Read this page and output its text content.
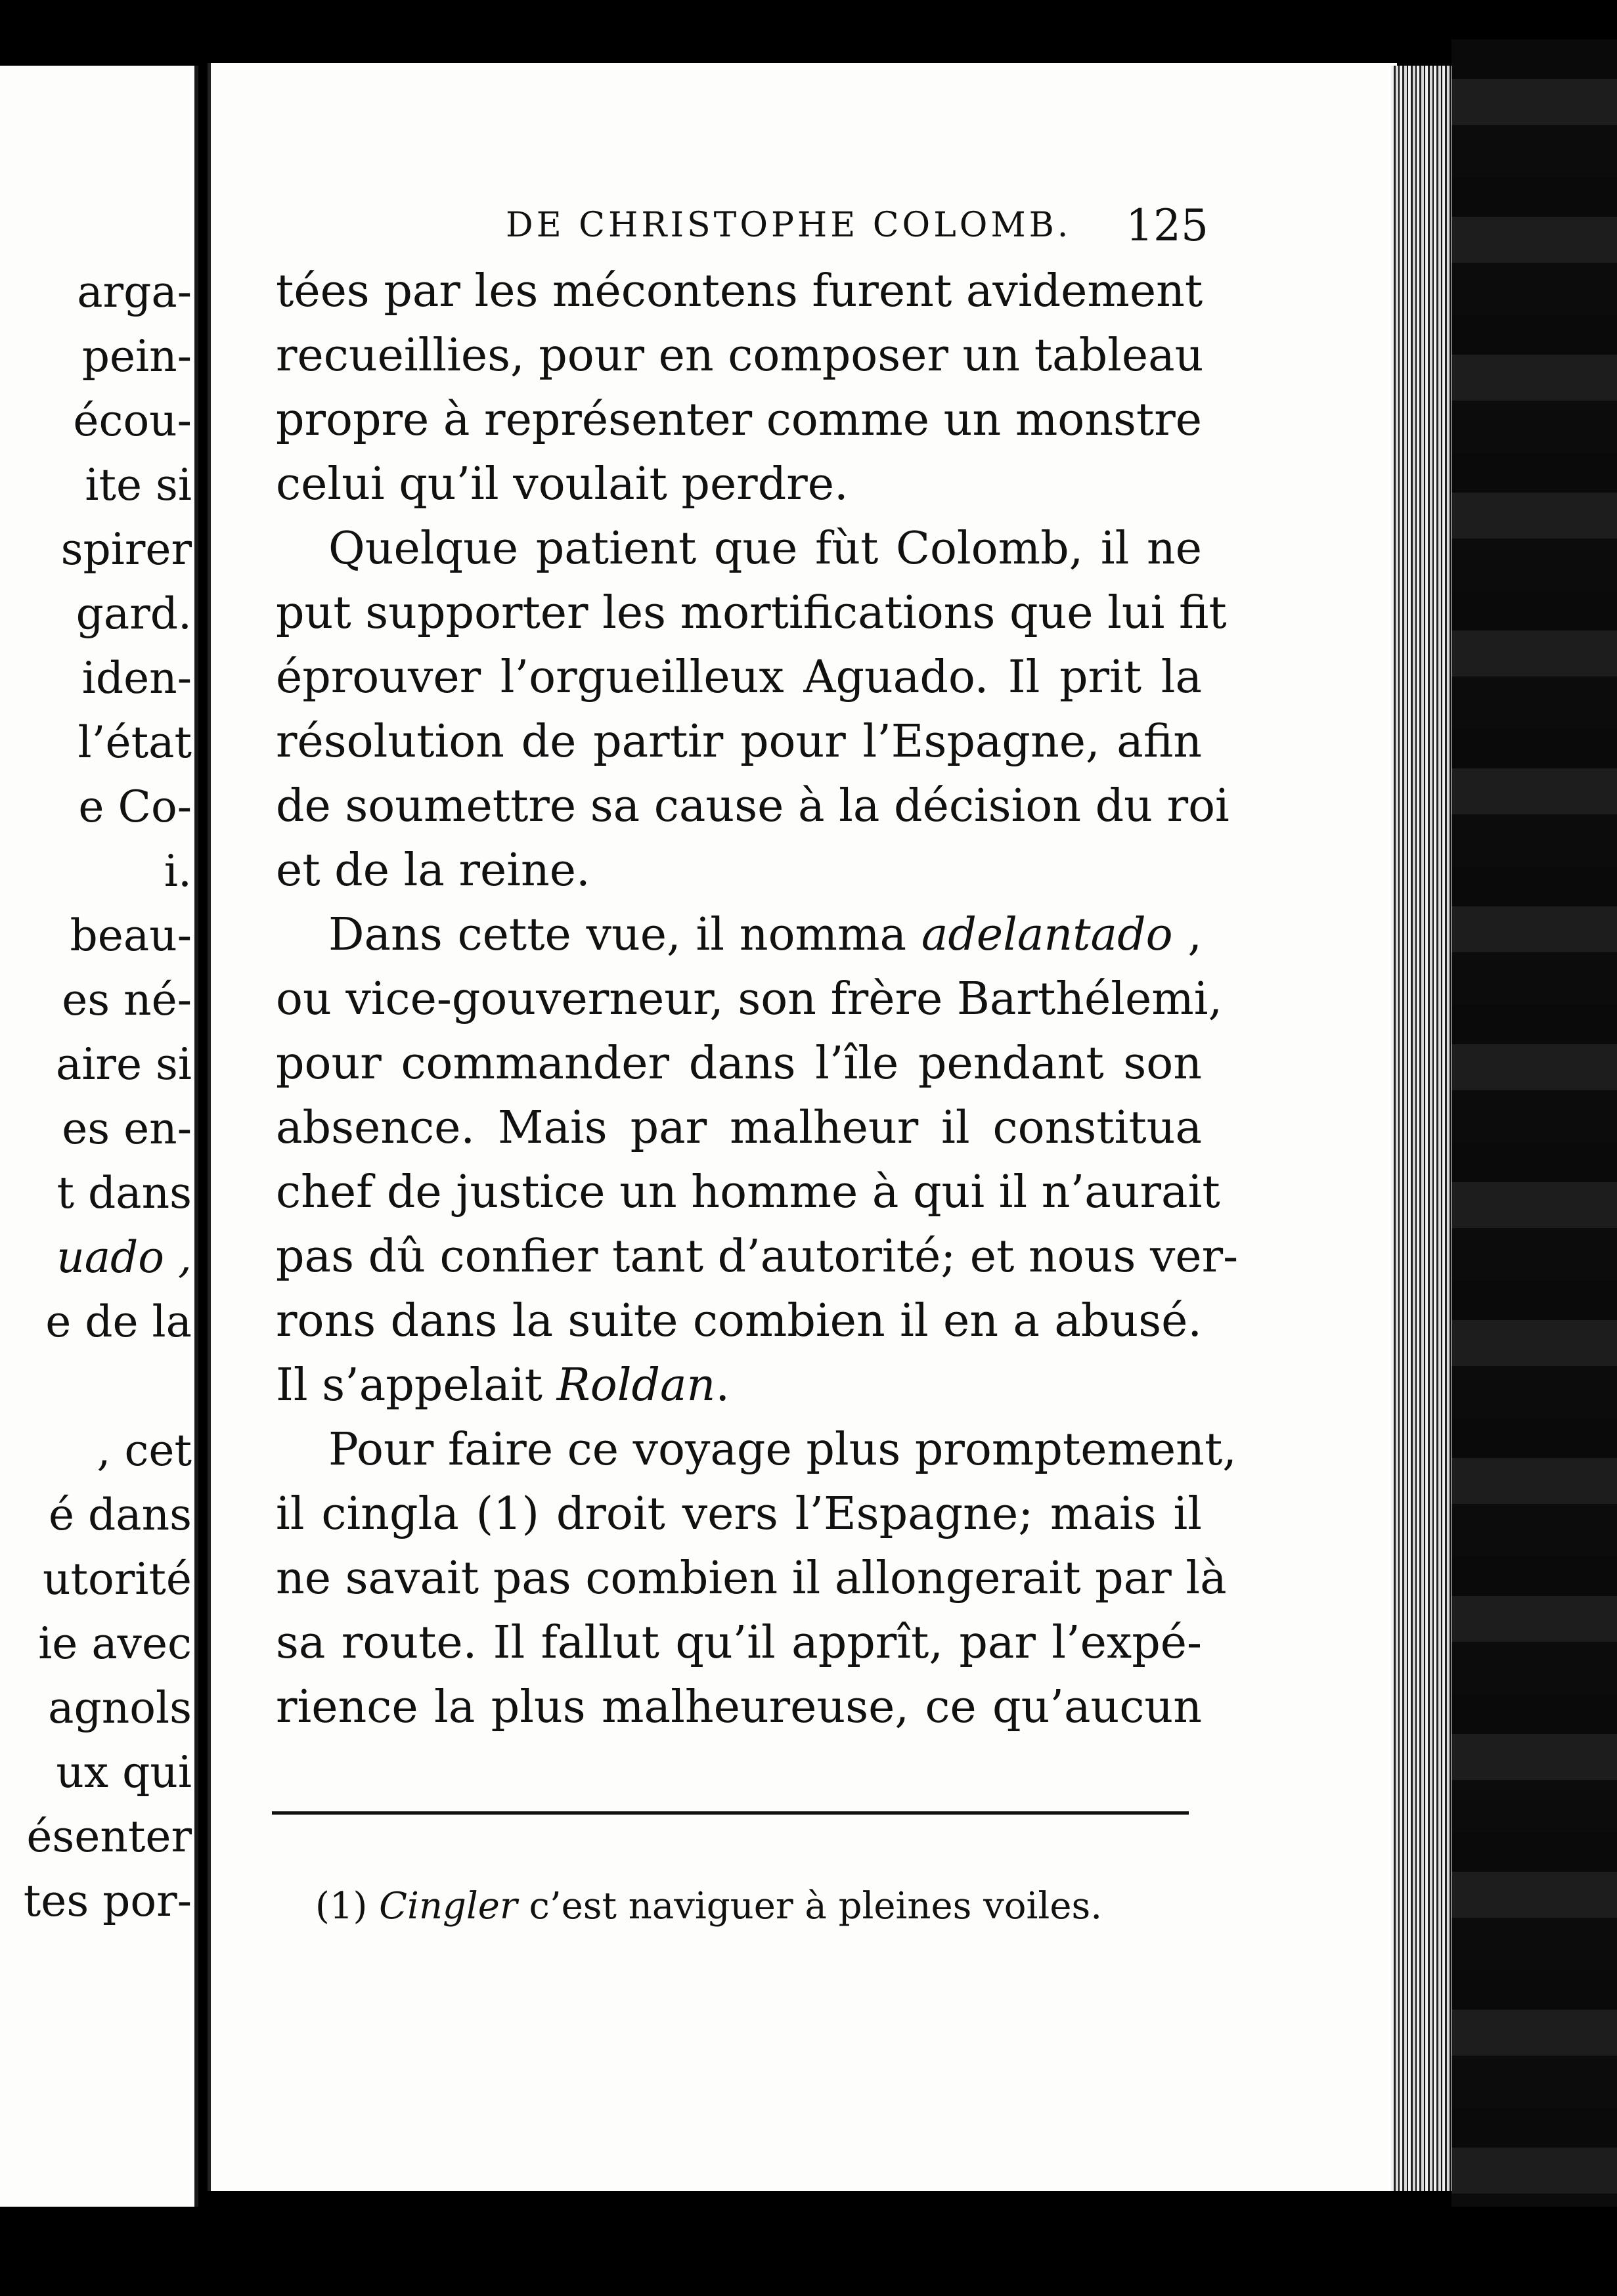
arga-
pein-
écou-
ite si
spirer
gard.
iden-
l’état
e Co-
i.
beau-
es né-
aire si
es en-
t dans
uado ,
e de la
, cet
é dans
utorité
ie avec
agnols
ux qui
ésenter
tes por-
DE CHRISTOPHE COLOMB. 125
tées par les mécontens furent avidement
recueillies, pour en composer un tableau
propre à représenter comme un monstre
celui qu’il voulait perdre.
Quelque patient que fùt Colomb, il ne
put supporter les mortifications que lui fit
éprouver l’orgueilleux Aguado. Il prit la
résolution de partir pour l’Espagne, afin
de soumettre sa cause à la décision du roi
et de la reine.
Dans cette vue, il nomma adelantado ,
ou vice-gouverneur, son frère Barthélemi,
pour commander dans l’île pendant son
absence. Mais par malheur il constitua
chef de justice un homme à qui il n’aurait
pas dû confier tant d’autorité; et nous ver-
rons dans la suite combien il en a abusé.
Il s’appelait Roldan.
Pour faire ce voyage plus promptement,
il cingla (1) droit vers l’Espagne; mais il
ne savait pas combien il allongerait par là
sa route. Il fallut qu’il apprît, par l’expé-
rience la plus malheureuse, ce qu’aucun
(1) Cingler c’est naviguer à pleines voiles.
